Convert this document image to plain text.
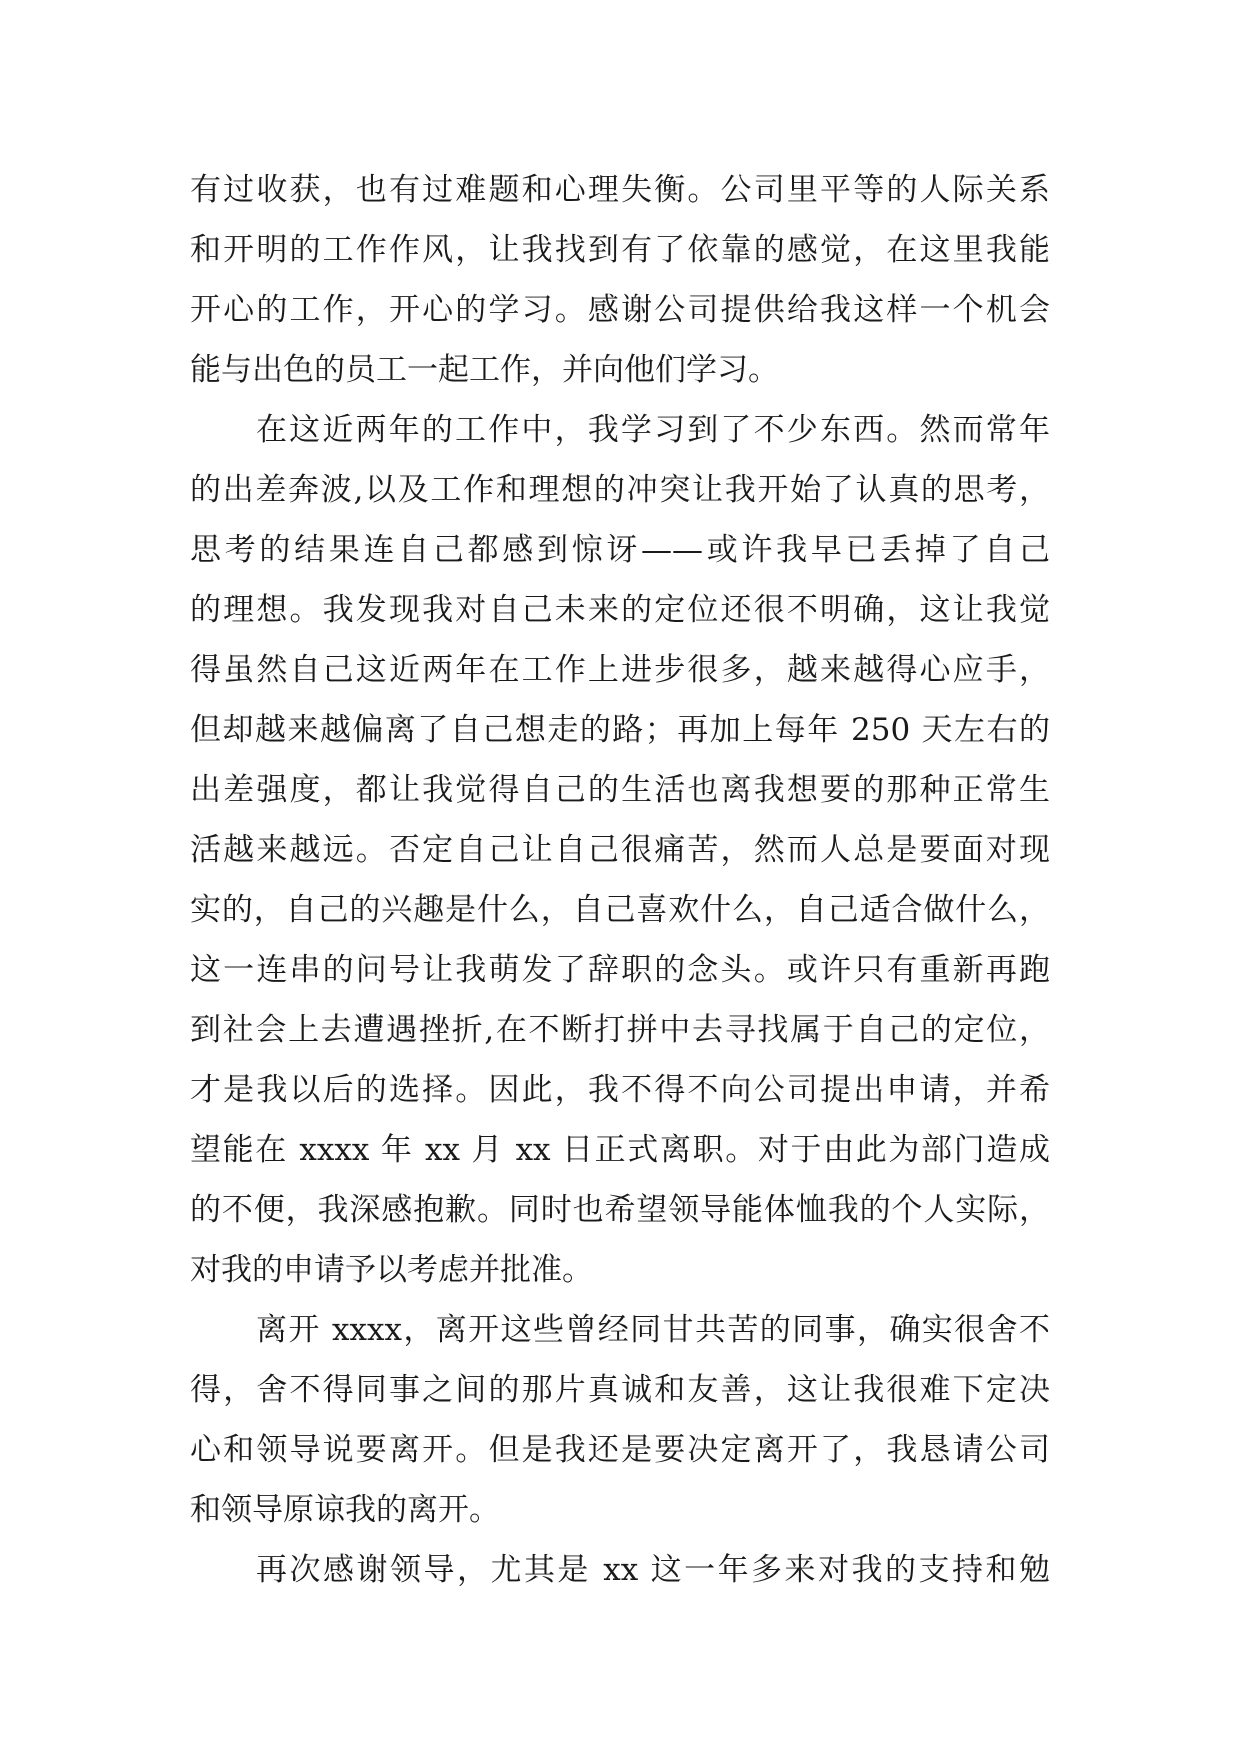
有过收获，也有过难题和心理失衡。公司里平等的人际关系
和开明的工作作风，让我找到有了依靠的感觉，在这里我能
开心的工作，开心的学习。感谢公司提供给我这样一个机会
能与出色的员工一起工作，并向他们学习。
在这近两年的工作中，我学习到了不少东西。然而常年
的出差奔波,以及工作和理想的冲突让我开始了认真的思考，
思考的结果连自己都感到惊讶——或许我早已丢掉了自己
的理想。我发现我对自己未来的定位还很不明确，这让我觉
得虽然自己这近两年在工作上进步很多，越来越得心应手，
但却越来越偏离了自己想走的路；再加上每年 250 天左右的
出差强度，都让我觉得自己的生活也离我想要的那种正常生
活越来越远。否定自己让自己很痛苦，然而人总是要面对现
实的，自己的兴趣是什么，自己喜欢什么，自己适合做什么，
这一连串的问号让我萌发了辞职的念头。或许只有重新再跑
到社会上去遭遇挫折,在不断打拼中去寻找属于自己的定位，
才是我以后的选择。因此，我不得不向公司提出申请，并希
望能在 xxxx 年 xx 月 xx 日正式离职。对于由此为部门造成
的不便，我深感抱歉。同时也希望领导能体恤我的个人实际，
对我的申请予以考虑并批准。
离开 xxxx，离开这些曾经同甘共苦的同事，确实很舍不
得，舍不得同事之间的那片真诚和友善，这让我很难下定决
心和领导说要离开。但是我还是要决定离开了，我恳请公司
和领导原谅我的离开。
再次感谢领导，尤其是 xx 这一年多来对我的支持和勉
